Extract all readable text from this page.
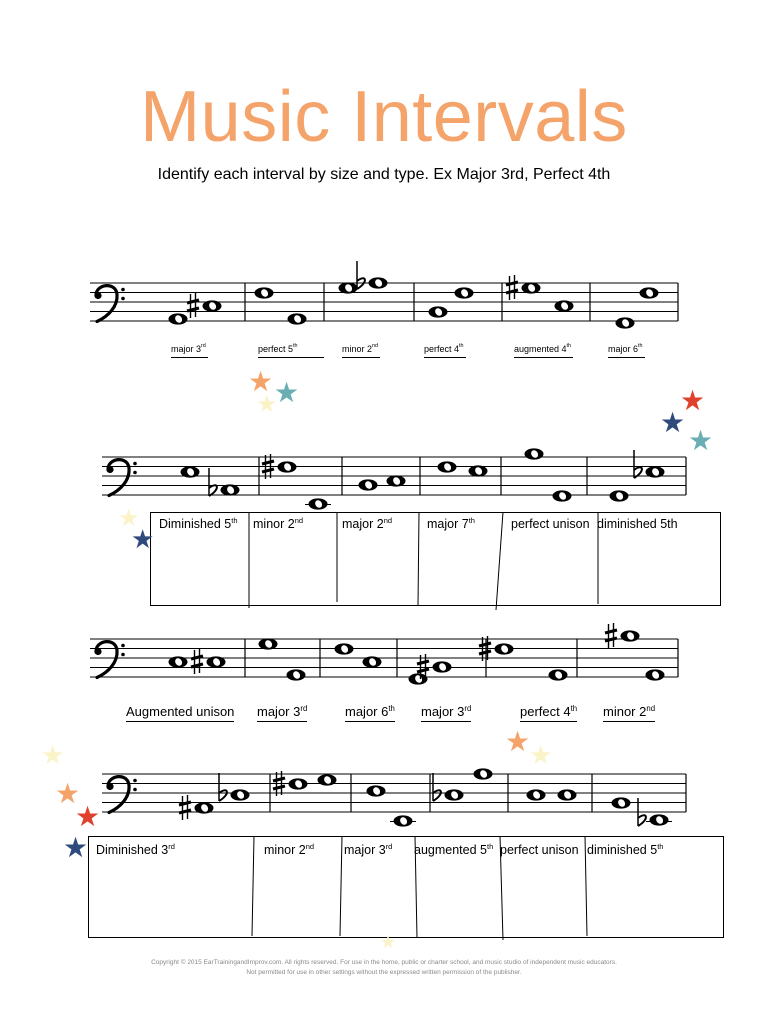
Music Intervals
Identify each interval by size and type. Ex Major 3rd, Perfect 4th
major 3rd	perfect 5th	minor 2nd	perfect 4th	augmented 4th	major 6th
Diminished 5th minor 2nd	major 2nd	major 7th	perfect unison diminished 5th
Augmented unison major 3rd	major 6th major 3rd	perfect 4th minor 2nd
Diminished 3rd	minor 2nd major 3rd augmented 5th perfect unison diminished 5th
★ ★
★	★
★
★
★
★
★
★
★
★
★
★
★
Copyright © 2015 EarTrainingandImprov.com. All rights reserved. For use in the home, public or charter school, and music studio of independent music educators.
Not permitted for use in other settings without the expressed written permission of the publisher.
